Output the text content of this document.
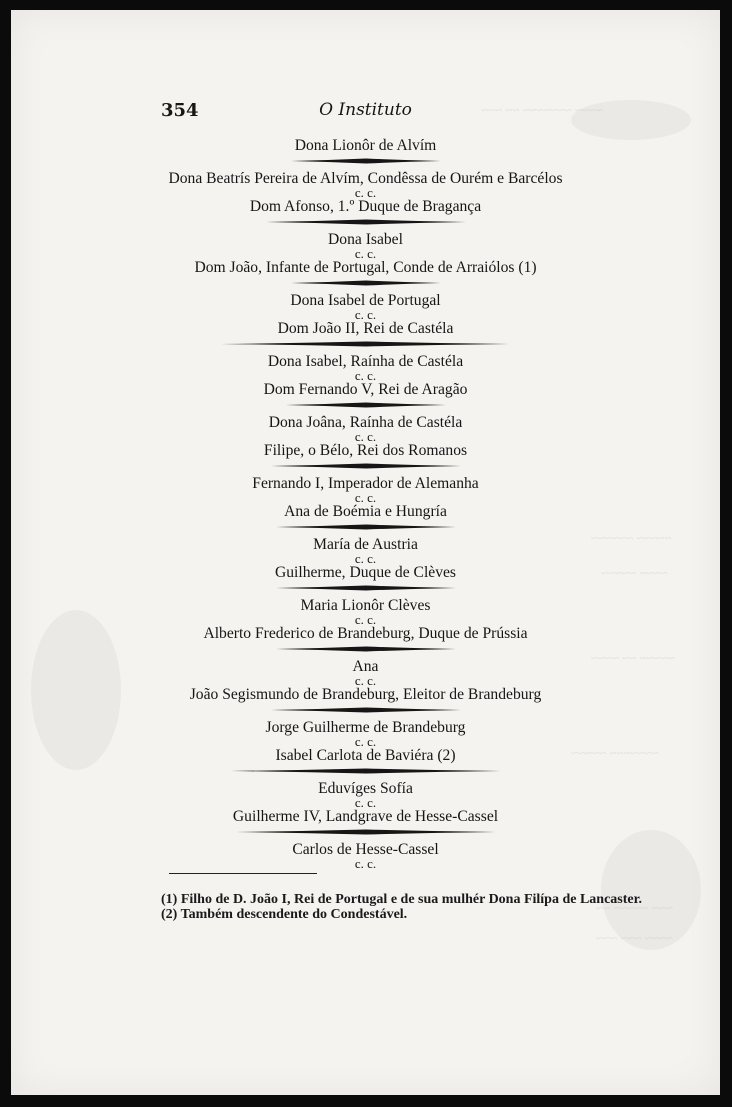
~~~~ ~~~~~~~ ~~ ~~~
~~~~~ ~~~~~~
~~~~ ~~~~~
~~~~~ ~~ ~~~~
~~~~~~~ ~~~~~
~~~ ~~~~~ ~~
~~~~ ~~~ ~~~
354	O Instituto
Dona Lionôr de Alvím
Dona Beatrís Pereira de Alvím, Condêssa de Ourém e Barcélos
c. c.
Dom Afonso, 1.º Duque de Bragança
Dona Isabel
c. c.
Dom João, Infante de Portugal, Conde de Arraiólos (1)
Dona Isabel de Portugal
c. c.
Dom João II, Rei de Castéla
Dona Isabel, Raínha de Castéla
c. c.
Dom Fernando V, Rei de Aragão
Dona Joâna, Raínha de Castéla
c. c.
Filipe, o Bélo, Rei dos Romanos
Fernando I, Imperador de Alemanha
c. c.
Ana de Boémia e Hungría
María de Austria
c. c.
Guilherme, Duque de Clèves
Maria Lionôr Clèves
c. c.
Alberto Frederico de Brandeburg, Duque de Prússia
Ana
c. c.
João Segismundo de Brandeburg, Eleitor de Brandeburg
Jorge Guilherme de Brandeburg
c. c.
Isabel Carlota de Baviéra (2)
Eduvíges Sofía
c. c.
Guilherme IV, Landgrave de Hesse-Cassel
Carlos de Hesse-Cassel
c. c.
(1) Filho de D. João I, Rei de Portugal e de sua mulhér Dona Filípa de Lancaster.
(2) Também descendente do Condestável.
